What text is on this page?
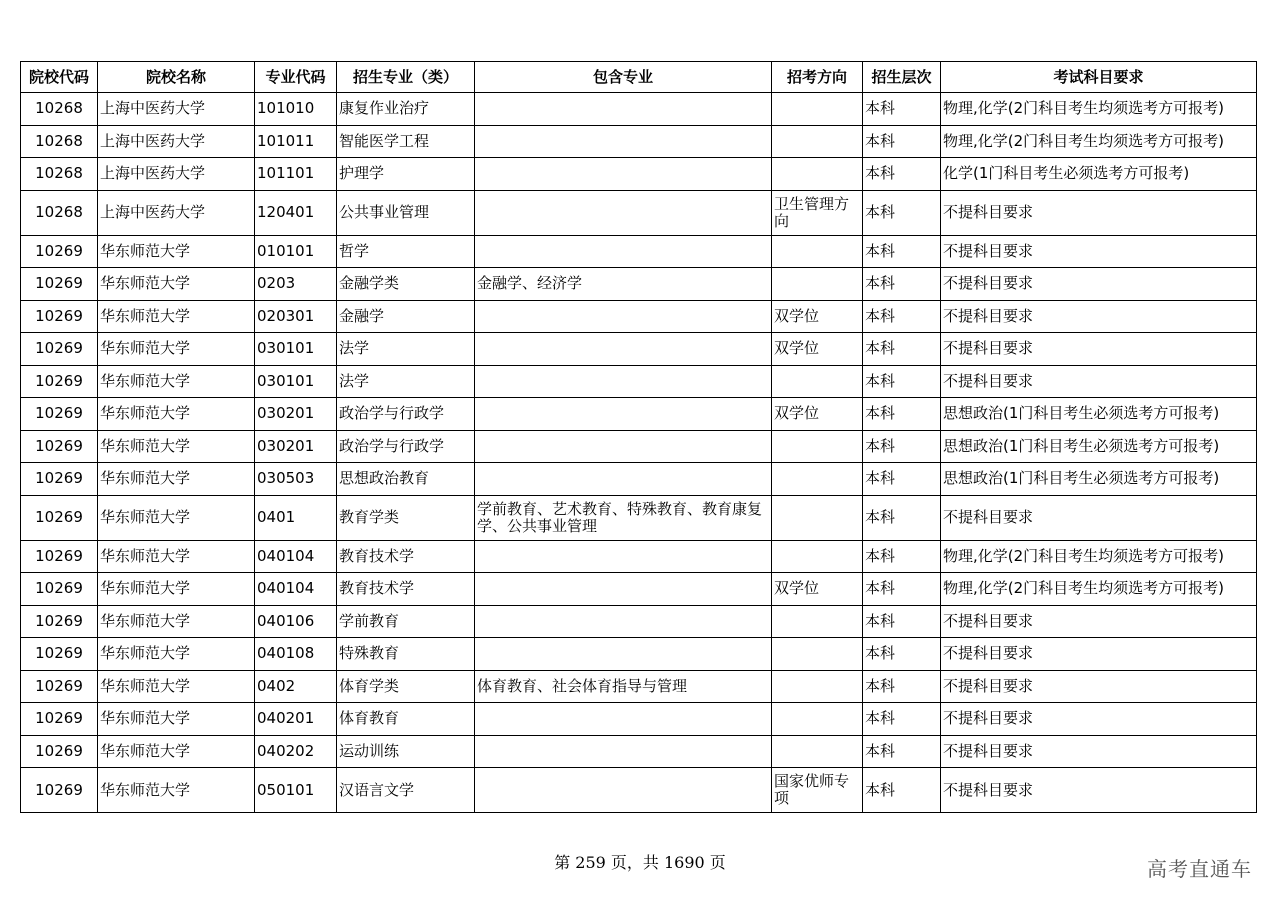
院校代码	院校名称	专业代码	招生专业（类）	包含专业	招考方向	招生层次	考试科目要求
10268	上海中医药大学	101010	康复作业治疗			本科	物理,化学(2门科目考生均须选考方可报考)
10268	上海中医药大学	101011	智能医学工程			本科	物理,化学(2门科目考生均须选考方可报考)
10268	上海中医药大学	101101	护理学			本科	化学(1门科目考生必须选考方可报考)
10268	上海中医药大学	120401	公共事业管理		卫生管理方向	本科	不提科目要求
10269	华东师范大学	010101	哲学			本科	不提科目要求
10269	华东师范大学	0203	金融学类	金融学、经济学		本科	不提科目要求
10269	华东师范大学	020301	金融学		双学位	本科	不提科目要求
10269	华东师范大学	030101	法学		双学位	本科	不提科目要求
10269	华东师范大学	030101	法学			本科	不提科目要求
10269	华东师范大学	030201	政治学与行政学		双学位	本科	思想政治(1门科目考生必须选考方可报考)
10269	华东师范大学	030201	政治学与行政学			本科	思想政治(1门科目考生必须选考方可报考)
10269	华东师范大学	030503	思想政治教育			本科	思想政治(1门科目考生必须选考方可报考)
10269	华东师范大学	0401	教育学类	学前教育、艺术教育、特殊教育、教育康复学、公共事业管理		本科	不提科目要求
10269	华东师范大学	040104	教育技术学			本科	物理,化学(2门科目考生均须选考方可报考)
10269	华东师范大学	040104	教育技术学		双学位	本科	物理,化学(2门科目考生均须选考方可报考)
10269	华东师范大学	040106	学前教育			本科	不提科目要求
10269	华东师范大学	040108	特殊教育			本科	不提科目要求
10269	华东师范大学	0402	体育学类	体育教育、社会体育指导与管理		本科	不提科目要求
10269	华东师范大学	040201	体育教育			本科	不提科目要求
10269	华东师范大学	040202	运动训练			本科	不提科目要求
10269	华东师范大学	050101	汉语言文学		国家优师专项	本科	不提科目要求
第 259 页，共 1690 页	高考直通车
